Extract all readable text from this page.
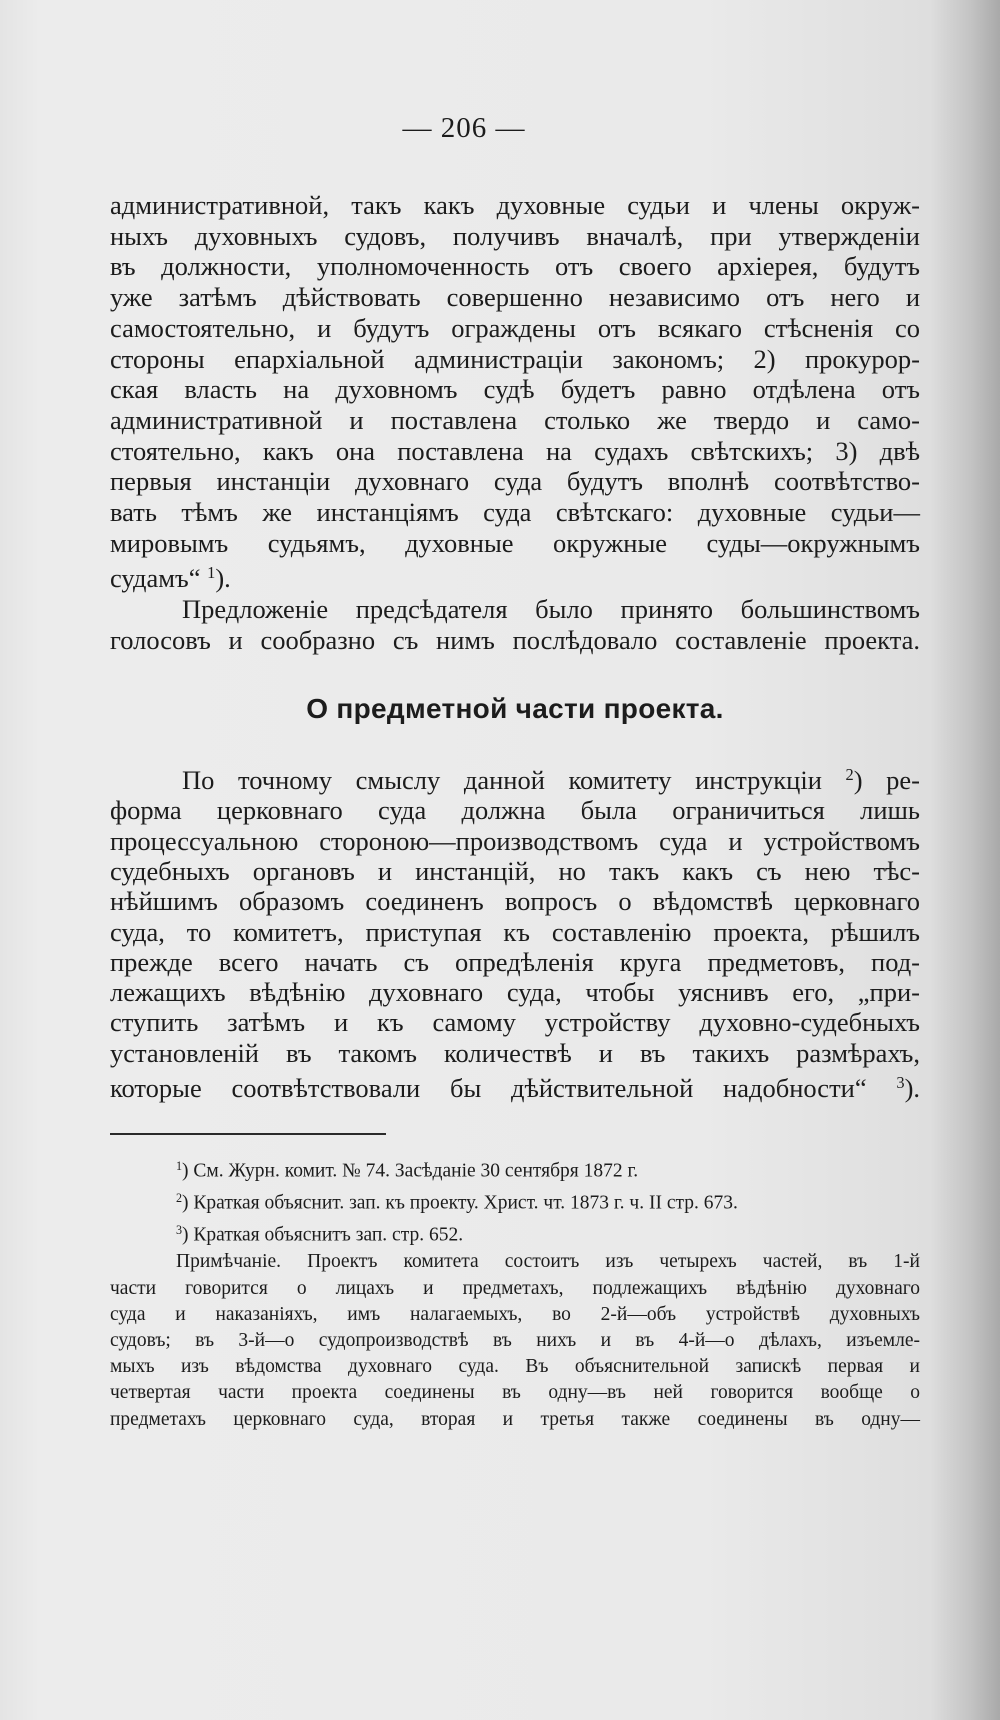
— 206 —
административной, такъ какъ духовные судьи и члены окруж-
ныхъ духовныхъ судовъ, получивъ вначалѣ, при утвержденіи
въ должности, уполномоченность отъ своего архіерея, будутъ
уже затѣмъ дѣйствовать совершенно независимо отъ него и
самостоятельно, и будутъ ограждены отъ всякаго стѣсненія со
стороны епархіальной администраціи закономъ; 2) прокурор-
ская власть на духовномъ судѣ будетъ равно отдѣлена отъ
административной и поставлена столько же твердо и само-
стоятельно, какъ она поставлена на судахъ свѣтскихъ; 3) двѣ
первыя инстанціи духовнаго суда будутъ вполнѣ соотвѣтство-
вать тѣмъ же инстанціямъ суда свѣтскаго: духовные судьи—
мировымъ судьямъ, духовные окружные суды—окружнымъ
судамъ“ $^1$).
Предложеніе предсѣдателя было принято большинствомъ
голосовъ и сообразно съ нимъ послѣдовало составленіе проекта.
О предметной части проекта.
По точному смыслу данной комитету инструкціи $^2$) ре-
форма церковнаго суда должна была ограничиться лишь
процесcуальною стороною—производствомъ суда и устройствомъ
судебныхъ органовъ и инстанцій, но такъ какъ съ нею тѣс-
нѣйшимъ образомъ соединенъ вопросъ о вѣдомствѣ церковнаго
суда, то комитетъ, приступая къ составленію проекта, рѣшилъ
прежде всего начать съ опредѣленія круга предметовъ, под-
лежащихъ вѣдѣнію духовнаго суда, чтобы уяснивъ его, „при-
ступить затѣмъ и къ самому устройству духовно-судебныхъ
установленій въ такомъ количествѣ и въ такихъ размѣрахъ,
которые соотвѣтствовали бы дѣйствительной надобности“ $^3$).
$^1$) См. Журн. комит. № 74. Засѣданіе 30 сентября 1872 г.
$^2$) Краткая объяснит. зап. къ проекту. Христ. чт. 1873 г. ч. II стр. 673.
$^3$) Краткая объяснитъ зап. стр. 652.
Примѣчаніе. Проектъ комитета состоитъ изъ четырехъ частей, въ 1-й
части говорится о лицахъ и предметахъ, подлежащихъ вѣдѣнію духовнаго
суда и наказаніяхъ, имъ налагаемыхъ, во 2-й—объ устройствѣ духовныхъ
судовъ; въ 3-й—о судопроизводствѣ въ нихъ и въ 4-й—о дѣлахъ, изъемле-
мыхъ изъ вѣдомства духовнаго суда. Въ объяснительной запискѣ первая и
четвертая части проекта соединены въ одну—въ ней говорится вообще о
предметахъ церковнаго суда, вторая и третья также соединены въ одну—
